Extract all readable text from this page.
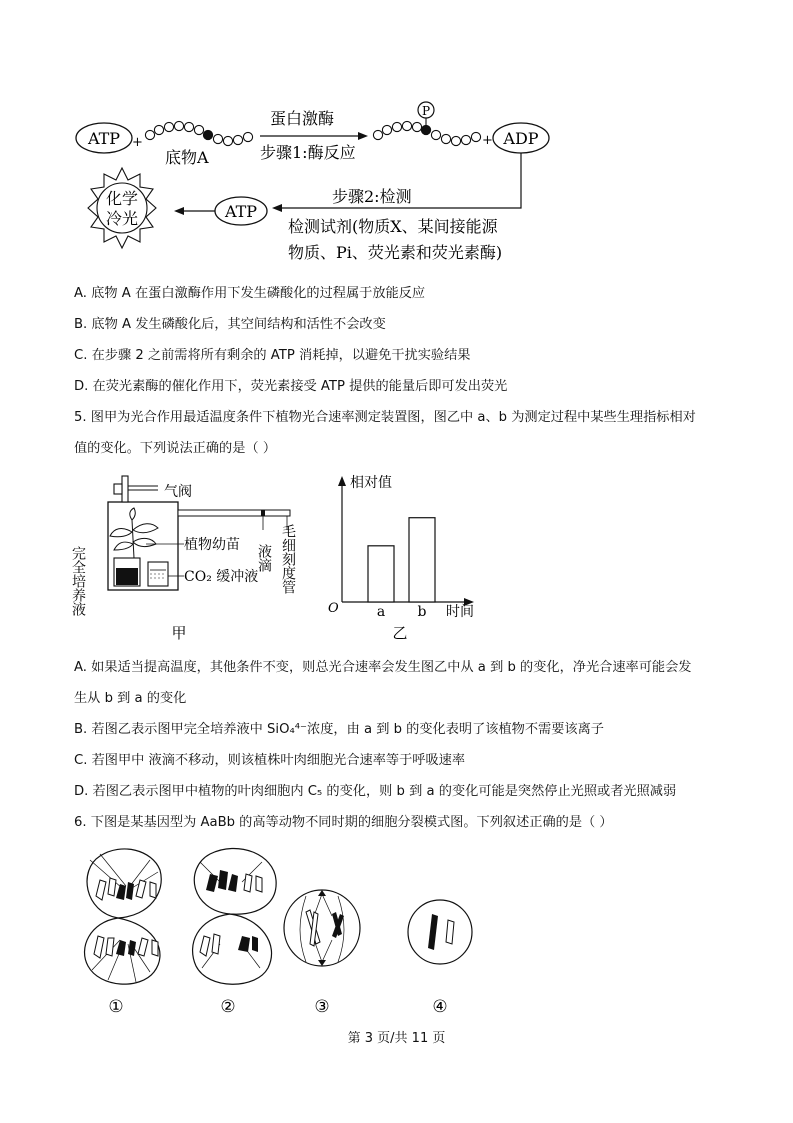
ATP +
底物A
蛋白激酶
步骤1:酶反应
P
+ ADP
步骤2:检测
检测试剂(物质X、某间接能源
物质、Pi、荧光素和荧光素酶)
ATP
化学
冷光
A. 底物 A 在蛋白激酶作用下发生磷酸化的过程属于放能反应
B. 底物 A 发生磷酸化后，其空间结构和活性不会改变
C. 在步骤 2 之前需将所有剩余的 ATP 消耗掉，以避免干扰实验结果
D. 在荧光素酶的催化作用下，荧光素接受 ATP 提供的能量后即可发出荧光
5. 图甲为光合作用最适温度条件下植物光合速率测定装置图，图乙中 a、b 为测定过程中某些生理指标相对
值的变化。下列说法正确的是（ ）
气阀
植物幼苗
CO₂ 缓冲液
完全培养液	液滴 毛细刻度管
甲
相对值
O	a b 时间
乙
A. 如果适当提高温度，其他条件不变，则总光合速率会发生图乙中从 a 到 b 的变化，净光合速率可能会发
生从 b 到 a 的变化
B. 若图乙表示图甲完全培养液中 SiO₄⁴⁻浓度，由 a 到 b 的变化表明了该植物不需要该离子
C. 若图甲中 液滴不移动，则该植株叶肉细胞光合速率等于呼吸速率
D. 若图乙表示图甲中植物的叶肉细胞内 C₅ 的变化，则 b 到 a 的变化可能是突然停止光照或者光照减弱
6. 下图是某基因型为 AaBb 的高等动物不同时期的细胞分裂模式图。下列叙述正确的是（ ）
①	②	③	④
第 3 页/共 11 页
